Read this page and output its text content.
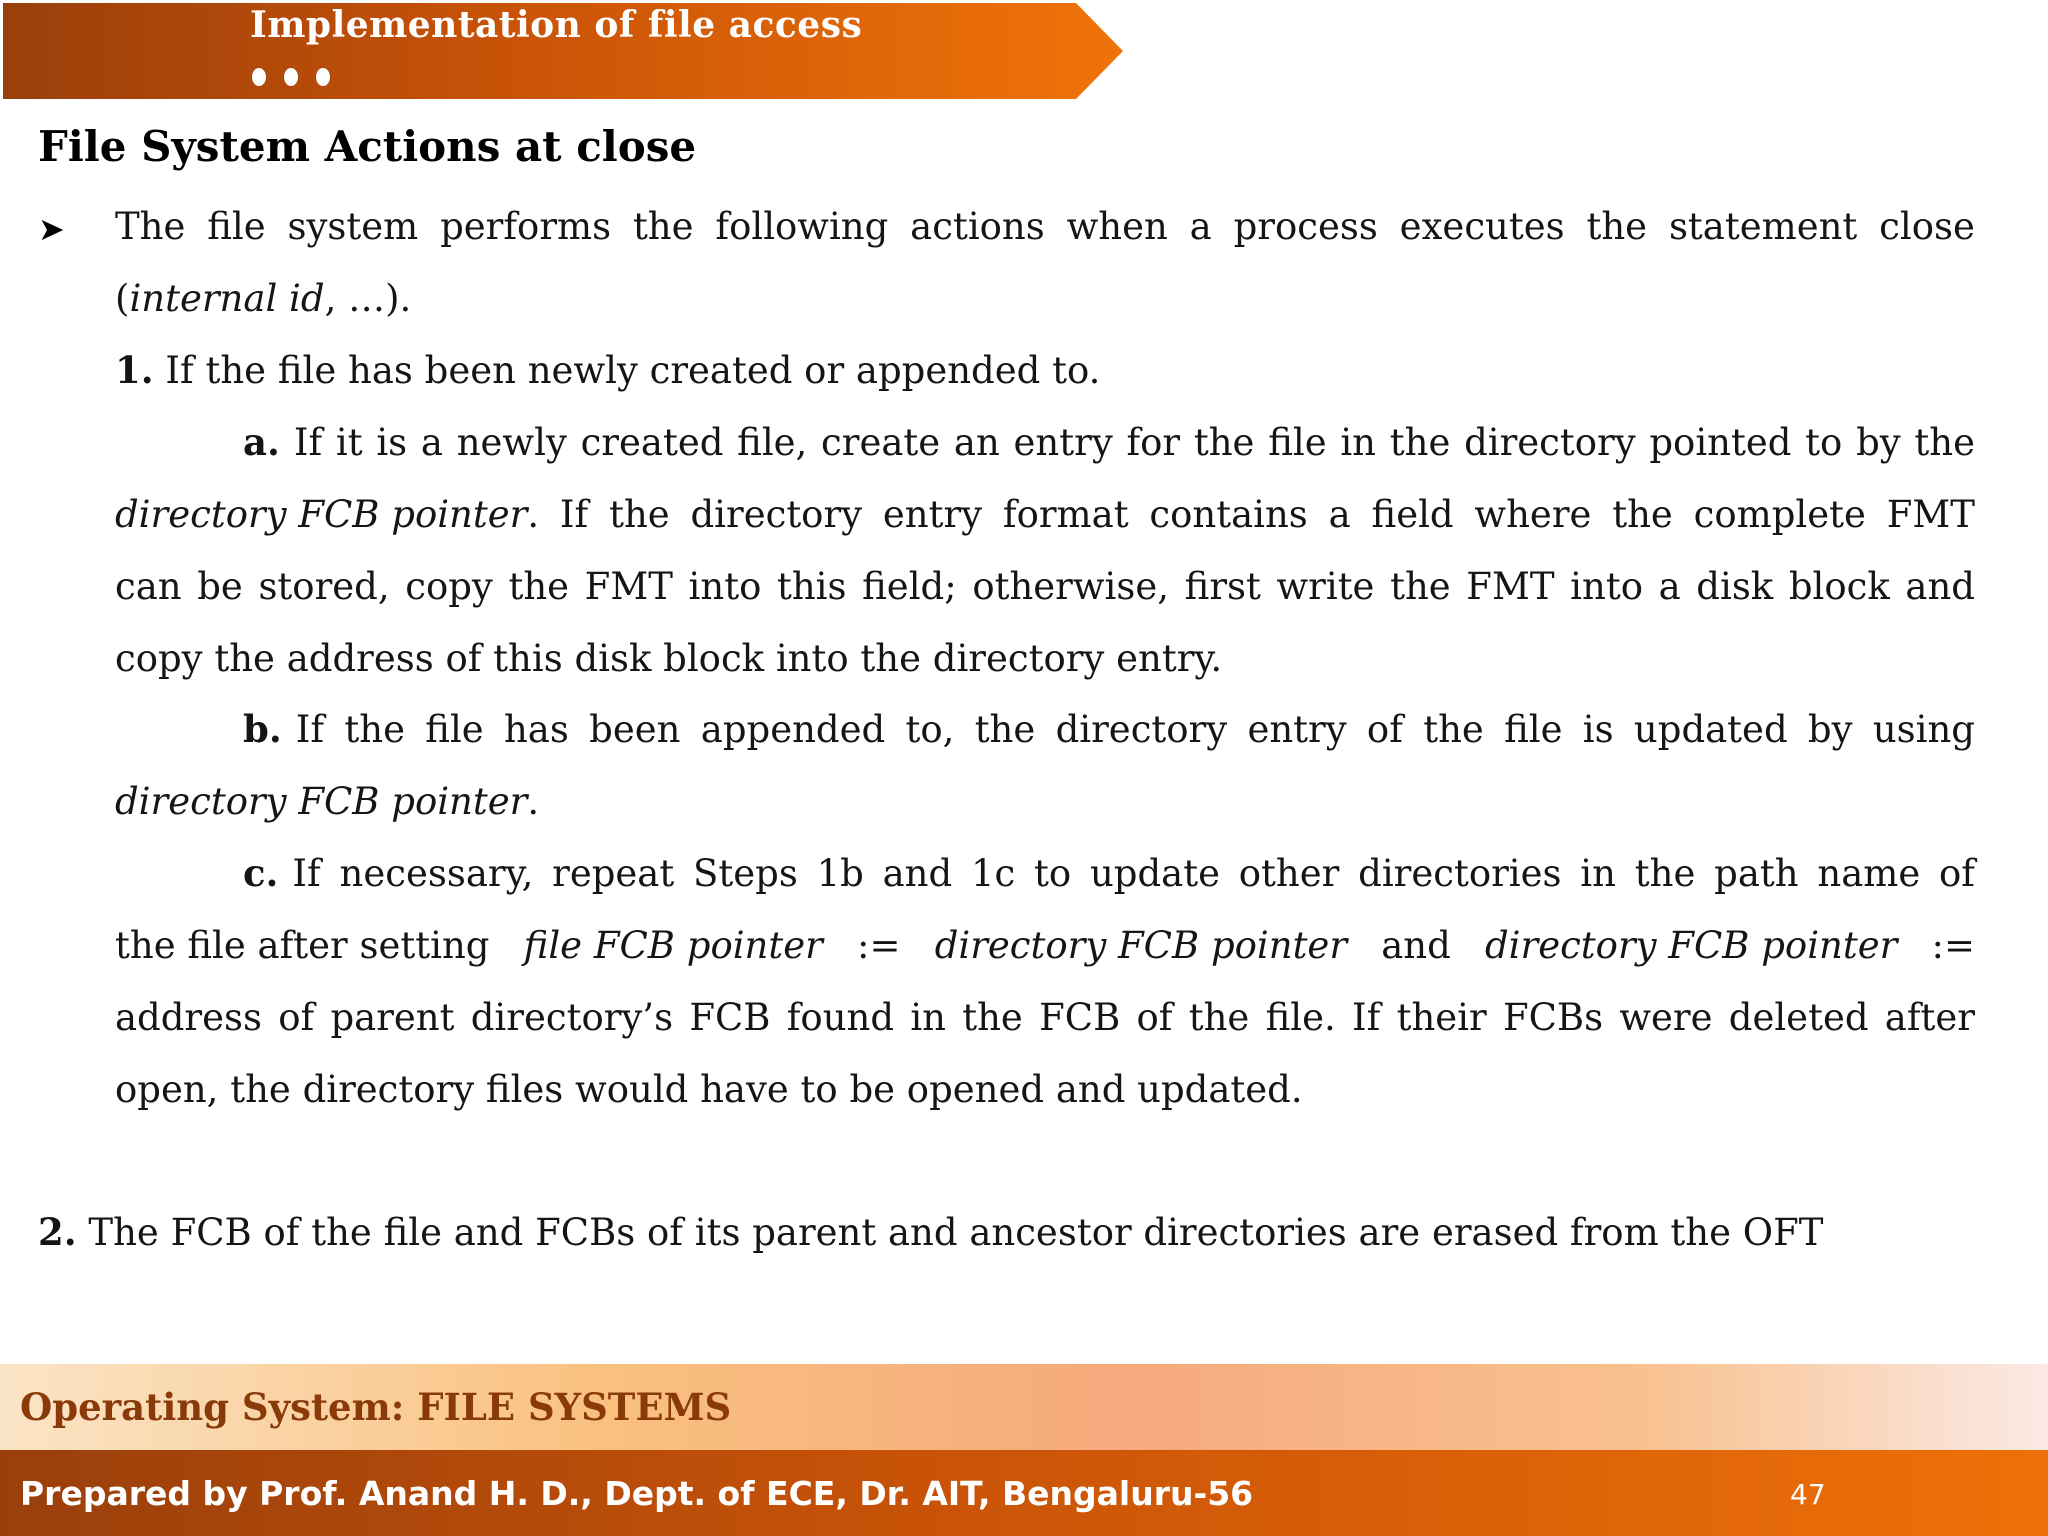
Implementation of file access
File System Actions at close
➤ The file system performs the following actions when a process executes the statement close
(internal id, …).
1. If the file has been newly created or appended to.
a. If it is a newly created file, create an entry for the file in the directory pointed to by the
directory FCB pointer . If the directory entry format contains a field where the complete FMT
can be stored, copy the FMT into this field; otherwise, first write the FMT into a disk block and
copy the address of this disk block into the directory entry.
b. If the file has been appended to, the directory entry of the file is updated by using
directory FCB pointer.
c. If necessary, repeat Steps 1b and 1c to update other directories in the path name of
the file after setting file FCB pointer := directory FCB pointer and directory FCB pointer :=
address of parent directory’s FCB found in the FCB of the file. If their FCBs were deleted after
open, the directory files would have to be opened and updated.
2. The FCB of the file and FCBs of its parent and ancestor directories are erased from the OFT
Operating System: FILE SYSTEMS
Prepared by Prof. Anand H. D., Dept. of ECE, Dr. AIT, Bengaluru-56	47
